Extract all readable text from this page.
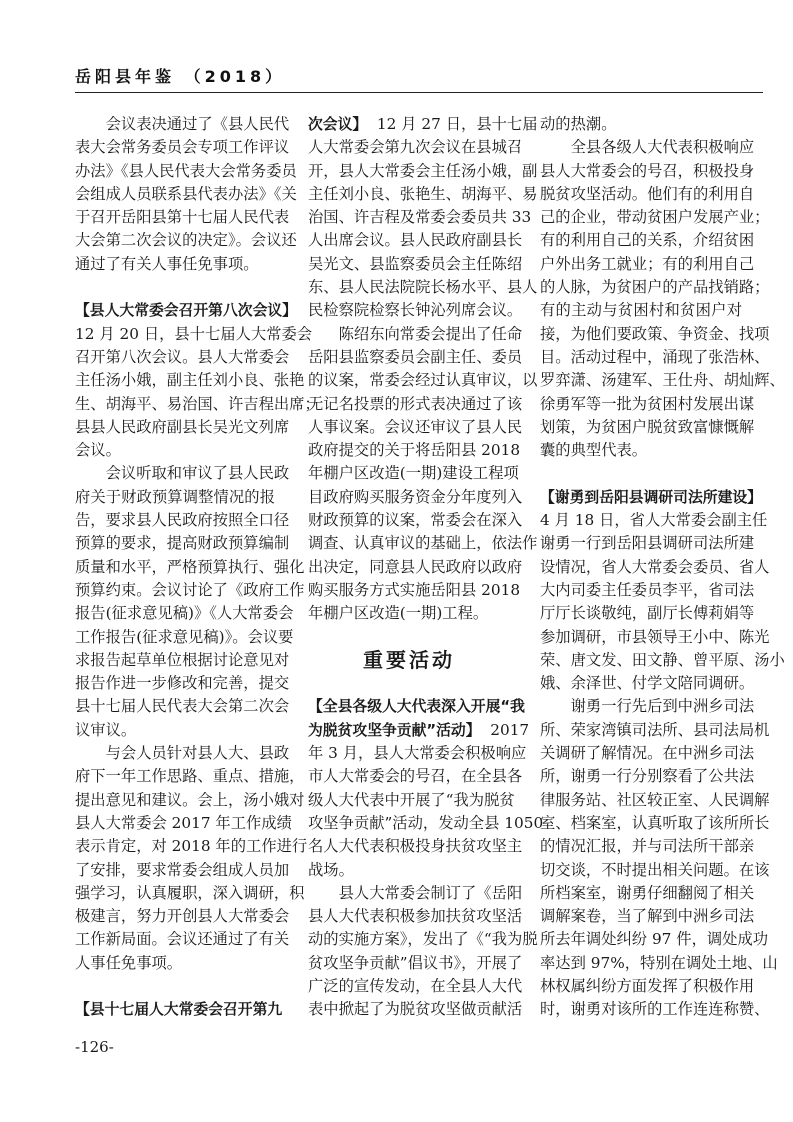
岳阳县年鉴 （2018）
会议表决通过了《县人民代
表大会常务委员会专项工作评议
办法》《县人民代表大会常务委员
会组成人员联系县代表办法》《关
于召开岳阳县第十七届人民代表
大会第二次会议的决定》。会议还
通过了有关人事任免事项。
【县人大常委会召开第八次会议】
12 月 20 日，县十七届人大常委会
召开第八次会议。县人大常委会
主任汤小娥，副主任刘小良、张艳
生、胡海平、易治国、许吉程出席；
县县人民政府副县长吴光文列席
会议。
会议听取和审议了县人民政
府关于财政预算调整情况的报
告，要求县人民政府按照全口径
预算的要求，提高财政预算编制
质量和水平，严格预算执行、强化
预算约束。会议讨论了《政府工作
报告(征求意见稿)》《人大常委会
工作报告(征求意见稿)》。会议要
求报告起草单位根据讨论意见对
报告作进一步修改和完善，提交
县十七届人民代表大会第二次会
议审议。
与会人员针对县人大、县政
府下一年工作思路、重点、措施，
提出意见和建议。会上，汤小娥对
县人大常委会 2017 年工作成绩
表示肯定，对 2018 年的工作进行
了安排，要求常委会组成人员加
强学习，认真履职，深入调研，积
极建言，努力开创县人大常委会
工作新局面。会议还通过了有关
人事任免事项。
【县十七届人大常委会召开第九
次会议】  12 月 27 日，县十七届
人大常委会第九次会议在县城召
开，县人大常委会主任汤小娥，副
主任刘小良、张艳生、胡海平、易
治国、许吉程及常委会委员共 33
人出席会议。县人民政府副县长
吴光文、县监察委员会主任陈绍
东、县人民法院院长杨水平、县人
民检察院检察长钟沁列席会议。
陈绍东向常委会提出了任命
岳阳县监察委员会副主任、委员
的议案，常委会经过认真审议，以
无记名投票的形式表决通过了该
人事议案。会议还审议了县人民
政府提交的关于将岳阳县 2018
年棚户区改造(一期)建设工程项
目政府购买服务资金分年度列入
财政预算的议案，常委会在深入
调查、认真审议的基础上，依法作
出决定，同意县人民政府以政府
购买服务方式实施岳阳县 2018
年棚户区改造(一期)工程。
重要活动
【全县各级人大代表深入开展“我
为脱贫攻坚争贡献”活动】  2017
年 3 月，县人大常委会积极响应
市人大常委会的号召，在全县各
级人大代表中开展了“我为脱贫
攻坚争贡献”活动，发动全县 1050
名人大代表积极投身扶贫攻坚主
战场。
县人大常委会制订了《岳阳
县人大代表积极参加扶贫攻坚活
动的实施方案》，发出了《“我为脱
贫攻坚争贡献”倡议书》，开展了
广泛的宣传发动，在全县人大代
表中掀起了为脱贫攻坚做贡献活
动的热潮。
全县各级人大代表积极响应
县人大常委会的号召，积极投身
脱贫攻坚活动。他们有的利用自
己的企业，带动贫困户发展产业；
有的利用自己的关系，介绍贫困
户外出务工就业；有的利用自己
的人脉，为贫困户的产品找销路；
有的主动与贫困村和贫困户对
接，为他们要政策、争资金、找项
目。活动过程中，涌现了张浩林、
罗弈潇、汤建军、王仕舟、胡灿辉、
徐勇军等一批为贫困村发展出谋
划策，为贫困户脱贫致富慷慨解
囊的典型代表。
【谢勇到岳阳县调研司法所建设】
4 月 18 日，省人大常委会副主任
谢勇一行到岳阳县调研司法所建
设情况，省人大常委会委员、省人
大内司委主任委员李平，省司法
厅厅长谈敬纯，副厅长傅莉娟等
参加调研，市县领导王小中、陈光
荣、唐文发、田文静、曾平原、汤小
娥、余泽世、付学文陪同调研。
谢勇一行先后到中洲乡司法
所、荣家湾镇司法所、县司法局机
关调研了解情况。在中洲乡司法
所，谢勇一行分别察看了公共法
律服务站、社区较正室、人民调解
室、档案室，认真听取了该所所长
的情况汇报，并与司法所干部亲
切交谈，不时提出相关问题。在该
所档案室，谢勇仔细翻阅了相关
调解案卷，当了解到中洲乡司法
所去年调处纠纷 97 件，调处成功
率达到 97%，特别在调处土地、山
林权属纠纷方面发挥了积极作用
时，谢勇对该所的工作连连称赞、
-126-
